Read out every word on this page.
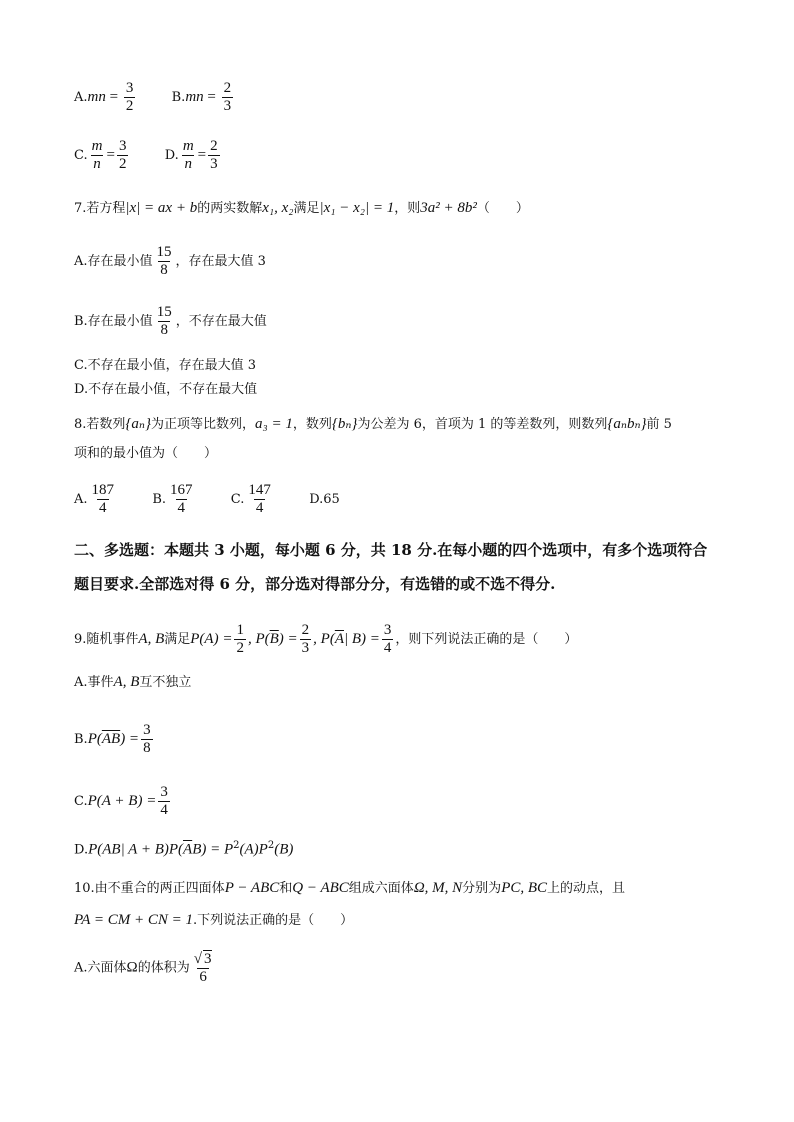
$A.mn = \frac{3}{2}$	$B.mn = \frac{2}{3}$
C. $\frac{m}{n} = \frac{3}{2}$	D. $\frac{m}{n} = \frac{2}{3}$
7.若方程|x| = ax + b的两实数解x₁, x₂满足|x₁ − x₂| = 1，则3a² + 8b²（　　）
A.存在最小值 $\frac{15}{8}$ ，存在最大值 3
B.存在最小值 $\frac{15}{8}$ ，不存在最大值
C.不存在最小值，存在最大值 3
D.不存在最小值，不存在最大值
8.若数列{aₙ}为正项等比数列，a₃ = 1，数列{bₙ}为公差为 6，首项为 1 的等差数列，则数列{aₙbₙ}前 5
项和的最小值为（　　）
A. $\frac{187}{4}$	B. $\frac{167}{4}$	C. $\frac{147}{4}$	D.65
二、多选题：本题共 3 小题，每小题 6 分，共 18 分.在每小题的四个选项中，有多个选项符合
题目要求.全部选对得 6 分，部分选对得部分分，有选错的或不选不得分.
9.随机事件A, B满足$P(A) = \frac{1}{2}$ , $P(\overline{B}) = \frac{2}{3}$ , $P(\overline{A}|$ $B) = \frac{3}{4}$ ，则下列说法正确的是（　　）
A.事件A, B互不独立
$B.P(\overline{AB}) = \frac{3}{8}$
$C.P(A + B) = \frac{3}{4}$
D.P(AB| $A + B)P(\overline{A}B) = P^2(A)P^2(B)$
10.由不重合的两正四面体P − ABC和Q − ABC组成六面体Ω, M, N分别为PC, BC上的动点，且
PA = CM + CN = 1.下列说法正确的是（　　）
A.六面体Ω的体积为 $\frac{√ 3}{6}$
